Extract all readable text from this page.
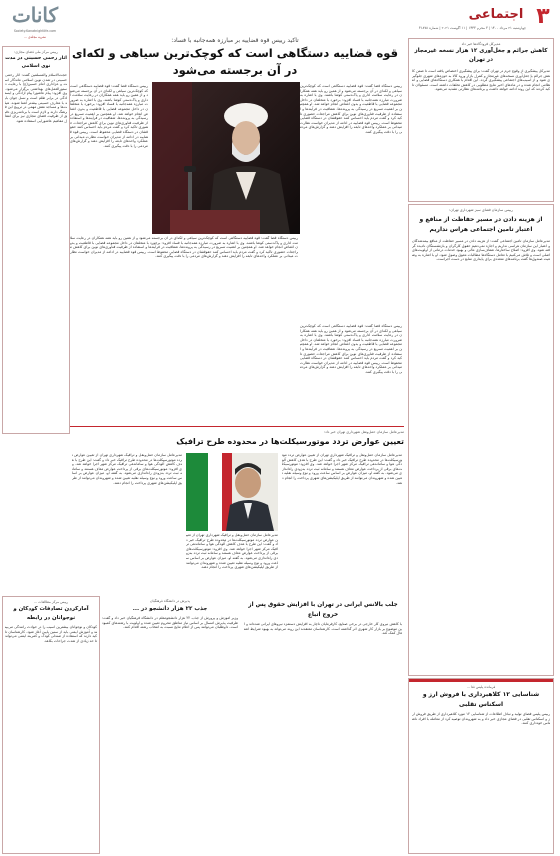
۳
اجتماعی
چهارشنبه ۲۱ مرداد ۱۴۰۰ | ۳ محرم ۱۴۴۳ | ۱۱ آگوست ۲۰۲۱ | شماره ۳۱۸۷۸
کانات
Society.Kanatnightlife.com
نشریه مجله‌ی ...	تاکید رییس قوه قضاییه بر مبارزه همه‌جانبه با فساد:
قوه قضاییه دستگاهی است که کوچک‌ترین سیاهی و لکه‌ای در آن برجسته می‌شود
مدیرکل فرودگاه‌ها خبر داد
کاهش جرائم و جعل‌آوری ۱۲ هزار نسخه غیرمجاز در تهران
مدیرکل پیشگیری از وقوع جرم در تهران گفت: برای پیشگیری اختصاص یافته است تا ضمن کاهش جرائم با جعل‌آوری نسخه‌های غیرمجاز و کنترل بازار ورود کالا به حوزه‌های شهری جلوگیری شود و از آسیب‌های اجتماعی پیشگیری گردد. این اقدام با همکاری دستگاه‌های قضایی و انتظامی انجام شده و در ماه‌های اخیر نتایج مطلوبی در کاهش تخلفات داشته است. مسئولان تاکید کردند که این روند ادامه خواهد داشت و برنامه‌های نظارتی تشدید می‌شود.
رییس دستگاه قضا گفت: قوه قضاییه دستگاهی است که کوچک‌ترین سیاهی و لکه‌ای در آن برجسته می‌شود و از همین رو باید همه همکاران در رعایت سلامت اداری و پاک‌دستی کوشا باشند. وی با اشاره به ضرورت مبارزه همه‌جانبه با فساد افزود: برخورد با متخلفان در داخل مجموعه قضایی با قاطعیت و بدون اغماض انجام خواهد شد. او همچنین بر اهمیت تسریع در رسیدگی به پرونده‌ها، شفافیت در فرآیندها و استفاده از ظرفیت فناوری‌های نوین برای کاهش مراجعات حضوری تاکید کرد و گفت مردم باید احساس کنند حقوقشان در دستگاه قضایی محفوظ است. رییس قوه قضاییه در ادامه از مدیران خواست نظارت میدانی بر عملکرد واحدهای تابعه را افزایش دهند و گزارش‌های مردمی را با دقت پیگیری کنند.
رییس دستگاه قضا گفت: قوه قضاییه دستگاهی است که کوچک‌ترین سیاهی و لکه‌ای در آن برجسته می‌شود و از همین رو باید همه همکاران در رعایت سلامت اداری و پاک‌دستی کوشا باشند. وی با اشاره به ضرورت مبارزه همه‌جانبه با فساد افزود: برخورد با متخلفان در داخل مجموعه قضایی با قاطعیت و بدون اغماض انجام خواهد شد. او همچنین بر اهمیت تسریع در رسیدگی به پرونده‌ها، شفافیت در فرآیندها و استفاده از ظرفیت فناوری‌های نوین برای کاهش مراجعات حضوری تاکید کرد و گفت مردم باید احساس کنند حقوقشان در دستگاه قضایی محفوظ است. رییس قوه قضاییه در ادامه از مدیران خواست نظارت میدانی بر عملکرد واحدهای تابعه را افزایش دهند و گزارش‌های مردمی را با دقت پیگیری کنند.
رییس دستگاه قضا گفت: قوه قضاییه دستگاهی است که کوچک‌ترین سیاهی و لکه‌ای در آن برجسته می‌شود و از همین رو باید همه همکاران در رعایت سلامت اداری و پاک‌دستی کوشا باشند. وی با اشاره به ضرورت مبارزه همه‌جانبه با فساد افزود: برخورد با متخلفان در داخل مجموعه قضایی با قاطعیت و بدون اغماض انجام خواهد شد. او همچنین بر اهمیت تسریع در رسیدگی به پرونده‌ها، شفافیت در فرآیندها و استفاده از ظرفیت فناوری‌های نوین برای کاهش مراجعات حضوری تاکید کرد و گفت مردم باید احساس کنند حقوقشان در دستگاه قضایی محفوظ است. رییس قوه قضاییه در ادامه از مدیران خواست نظارت میدانی بر عملکرد واحدهای تابعه را افزایش دهند و گزارش‌های مردمی را با دقت پیگیری کنند.
رییس دستگاه قضا گفت: قوه قضاییه دستگاهی است که کوچک‌ترین سیاهی و لکه‌ای در آن برجسته می‌شود و از همین رو باید همه همکاران در رعایت سلامت اداری و پاک‌دستی کوشا باشند. وی با اشاره به ضرورت مبارزه همه‌جانبه با فساد افزود: برخورد با متخلفان در داخل مجموعه قضایی با قاطعیت و بدون اغماض انجام خواهد شد. او همچنین بر اهمیت تسریع در رسیدگی به پرونده‌ها، شفافیت در فرآیندها و استفاده از ظرفیت فناوری‌های نوین برای کاهش مراجعات حضوری تاکید کرد و گفت مردم باید احساس کنند حقوقشان در دستگاه قضایی محفوظ است. رییس قوه قضاییه در ادامه از مدیران خواست نظارت میدانی بر عملکرد واحدهای تابعه را افزایش دهند و گزارش‌های مردمی را با دقت پیگیری کنند.
رییس سازمان فضای سبز شهرداری تهران:
از هزینه دادن در مسیر حفاظت از منافع و اعتبار تامین اجتماعی هراس نداریم
مدیرعامل سازمان تامین اجتماعی گفت: از هزینه دادن در مسیر حفاظت از منافع بیمه‌شدگان و اعتبار این سازمان هراسی نداریم و اجازه نمی‌دهیم حقوق کارگران و بازنشستگان نادیده گرفته شود. وی افزود: اصلاح ساختارها، شفاف‌سازی مالی و بهبود خدمات درمانی از اولویت‌های اصلی است و تلاش می‌کنیم با تعامل دستگاه‌ها مطالبات معوق وصول شود. او با اشاره به وضعیت صندوق‌ها گفت برنامه‌های متعددی برای پایداری منابع در دست اجراست.
رییس مرکز ملی فضای مجازی:
آثار رحمی حسینی در مدت نوی اسلامی
حجت‌الاسلام والمسلمین گفت: آثار رحمی حسینی در تمدن نوین اسلامی ماندگار است و عزاداری امام حسین(ع) با رعایت دستورالعمل‌های بهداشتی برگزار می‌شود. وی افزود: پیام عاشورا پیام آزادگی و ایستادگی در برابر ظلم است و نسل جوان باید با معارف حسینی بیشتر آشنا شوند. هیئت‌ها و مساجد نقش مهمی در ترویج این فرهنگ دارند و لازم است با برنامه‌ریزی دقیق از ظرفیت فضای مجازی نیز برای انتقال مفاهیم عاشورایی استفاده شود.
مدیرعامل سازمان حمل‌ونقل شهرداری تهران خبر داد:
تعیین عوارض تردد موتورسیکلت‌ها در محدوده طرح ترافیک
مدیرعامل سازمان حمل‌ونقل و ترافیک شهرداری تهران از تعیین عوارض تردد موتورسیکلت‌ها در محدوده طرح ترافیک خبر داد و گفت: این طرح با هدف کاهش آلودگی هوا و ساماندهی ترافیک مرکز شهر اجرا خواهد شد. وی افزود: موتورسیکلت‌های برقی از پرداخت عوارض معاف هستند و سامانه ثبت تردد به‌زودی راه‌اندازی می‌شود. به گفته او، میزان عوارض بر اساس ساعت ورود و نوع وسیله نقلیه تعیین شده و شهروندان می‌توانند از طریق اپلیکیشن‌های شهری پرداخت را انجام دهند.
مدیرعامل سازمان حمل‌ونقل و ترافیک شهرداری تهران از تعیین عوارض تردد موتورسیکلت‌ها در محدوده طرح ترافیک خبر داد و گفت: این طرح با هدف کاهش آلودگی هوا و ساماندهی ترافیک مرکز شهر اجرا خواهد شد. وی افزود: موتورسیکلت‌های برقی از پرداخت عوارض معاف هستند و سامانه ثبت تردد به‌زودی راه‌اندازی می‌شود. به گفته او، میزان عوارض بر اساس ساعت ورود و نوع وسیله نقلیه تعیین شده و شهروندان می‌توانند از طریق اپلیکیشن‌های شهری پرداخت را انجام دهند.
مدیرعامل سازمان حمل‌ونقل و ترافیک شهرداری تهران از تعیین عوارض تردد موتورسیکلت‌ها در محدوده طرح ترافیک خبر داد و گفت: این طرح با هدف کاهش آلودگی هوا و ساماندهی ترافیک مرکز شهر اجرا خواهد شد. وی افزود: موتورسیکلت‌های برقی از پرداخت عوارض معاف هستند و سامانه ثبت تردد به‌زودی راه‌اندازی می‌شود. به گفته او، میزان عوارض بر اساس ساعت ورود و نوع وسیله نقلیه تعیین شده و شهروندان می‌توانند از طریق اپلیکیشن‌های شهری پرداخت را انجام دهند.
رییس مرکز مطالعات ...
آمارکردن تصادفات کودکان و نوجوانان در رابطه
کودکان و نوجوانان بیشترین آسیب را در حوادث رانندگی می‌بینند و آموزش ایمنی باید از سنین پایین آغاز شود. کارشناسان تاکید دارند که استفاده از صندلی کودک و کمربند ایمنی می‌تواند تا حد زیادی از شدت جراحات بکاهد.
پذیرش در دانشگاه فرهنگیان
جذب ۲۲ هزار دانشجو در ...
وزیر آموزش و پرورش از جذب ۲۲ هزار دانشجومعلم در دانشگاه فرهنگیان خبر داد و گفت: ظرفیت پذیرش امسال بر اساس نیاز مناطق محروم تعیین شده و اولویت با رشته‌های کمبود است. داوطلبان می‌توانند پس از اعلام نتایج نسبت به انتخاب رشته اقدام کنند.
جلب بالانس ایرانی در تهران با افزایش حقوق پس از خروج اتباع
با کاهش نیروی کار خارجی در برخی صنایع، کارفرمایان ناچار به افزایش دستمزد نیروهای ایرانی شده‌اند و این موضوع بر بازار کار شهری اثر گذاشته است. کارشناسان معتقدند این روند می‌تواند به بهبود شرایط اشتغال کمک کند.
فرمانده پلیس فتا ...
شناسایی ۱۲ کلاهبرداری با فروش ارز و اسکناس تقلبی
رییس پلیس فضای تولید و تبادل اطلاعات از شناسایی ۱۲ مورد کلاهبرداری از طریق فروش ارز و اسکناس تقلبی در فضای مجازی خبر داد و به شهروندان توصیه کرد از معامله با افراد ناشناس خودداری کنند.
